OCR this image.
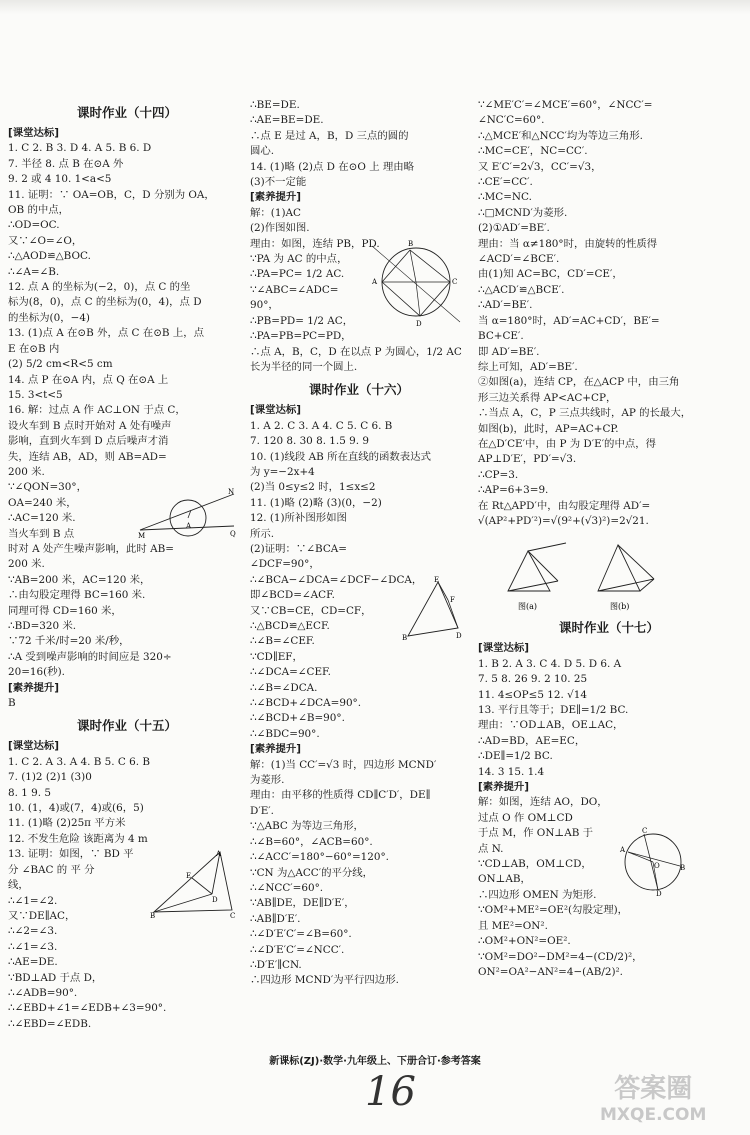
课时作业（十四）
[课堂达标]
1. C 2. B 3. D 4. A 5. B 6. D
7. 半径 8. 点 B 在⊙A 外
9. 2 或 4 10. 1<a<5
11. 证明：∵ OA=OB，C，D 分别为 OA，
OB 的中点，
∴OD=OC.
又∵∠O=∠O，
∴△AOD≌△BOC.
∴∠A=∠B.
12. 点 A 的坐标为(−2，0)，点 C 的坐
标为(8，0)，点 C 的坐标为(0，4)，点 D
的坐标为(0，−4)
13. (1)点 A 在⊙B 外，点 C 在⊙B 上，点
E 在⊙B 内
(2) 5/2 cm<R<5 cm
14. 点 P 在⊙A 内，点 Q 在⊙A 上
15. 3<t<5
16. 解：过点 A 作 AC⊥ON 于点 C，
设火车到 B 点时开始对 A 处有噪声
影响，直到火车到 D 点后噪声才消
失，连结 AB，AD，则 AB=AD=
200 米.
∵∠QON=30°，
OA=240 米，
∴AC=120 米.
当火车到 B 点
时对 A 处产生噪声影响，此时 AB=
200 米.
∵AB=200 米，AC=120 米，
∴由勾股定理得 BC=160 米.
同理可得 CD=160 米，
∴BD=320 米.
∵72 千米/时=20 米/秒，
∴A 受到噪声影响的时间应是 320÷
20=16(秒).
[素养提升]
B
课时作业（十五）
[课堂达标]
1. C 2. A 3. A 4. B 5. C 6. B
7. (1)2 (2)1 (3)0
8. 1 9. 5
10. (1，4)或(7，4)或(6，5)
11. (1)略 (2)25π 平方米
12. 不发生危险 该距离为 4 m
13. 证明：如图，∵ BD 平
分 ∠BAC 的 平 分
线，
∴∠1=∠2.
又∵DE∥AC，
∴∠2=∠3.
∴∠1=∠3.
∴AE=DE.
∵BD⊥AD 于点 D，
∴∠ADB=90°.
∴∠EBD+∠1=∠EDB+∠3=90°.
∴∠EBD=∠EDB.
∴BE=DE.
∴AE=BE=DE.
∴点 E 是过 A，B，D 三点的圆的
圆心.
14. (1)略 (2)点 D 在⊙O 上 理由略
(3)不一定能
[素养提升]
解：(1)AC
(2)作图如图.
理由：如图，连结 PB，PD.
∵PA 为 AC 的中点，
∴PA=PC= 1/2 AC.
∵∠ABC=∠ADC=
90°，
∴PB=PD= 1/2 AC，
∴PA=PB=PC=PD，
∴点 A，B，C，D 在以点 P 为圆心，1/2 AC
长为半径的同一个圆上.
课时作业（十六）
[课堂达标]
1. A 2. C 3. A 4. C 5. C 6. B
7. 120 8. 30 8. 1.5 9. 9
10. (1)线段 AB 所在直线的函数表达式
为 y=−2x+4
(2)当 0≤y≤2 时，1≤x≤2
11. (1)略 (2)略 (3)(0，−2)
12. (1)所补图形如图
所示.
(2)证明：∵∠BCA=
∠DCF=90°，
∴∠BCA−∠DCA=∠DCF−∠DCA，
即∠BCD=∠ACF.
又∵CB=CE，CD=CF，
∴△BCD≌△ECF.
∴∠B=∠CEF.
∵CD∥EF，
∴∠DCA=∠CEF.
∴∠B=∠DCA.
∴∠BCD+∠DCA=90°.
∴∠BCD+∠B=90°.
∴∠BDC=90°.
[素养提升]
解：(1)当 CC′=√3 时，四边形 MCND′
为菱形.
理由：由平移的性质得 CD∥C′D′，DE∥
D′E′.
∵△ABC 为等边三角形，
∴∠B=60°，∠ACB=60°.
∴∠ACC′=180°−60°=120°.
∵CN 为△ACC′的平分线，
∴∠NCC′=60°.
∵AB∥DE，DE∥D′E′，
∴AB∥D′E′.
∴∠D′E′C′=∠B=60°.
∴∠D′E′C′=∠NCC′.
∴D′E′∥CN.
∴四边形 MCND′为平行四边形.
∵∠ME′C′=∠MCE′=60°，∠NCC′=
∠NC′C=60°.
∴△MCE′和△NCC′均为等边三角形.
∴MC=CE′，NC=CC′.
又 E′C′=2√3，CC′=√3，
∴CE′=CC′.
∴MC=NC.
∴□MCND′为菱形.
(2)①AD′=BE′.
理由：当 α≠180°时，由旋转的性质得
∠ACD′=∠BCE′.
由(1)知 AC=BC，CD′=CE′，
∴△ACD′≌△BCE′.
∴AD′=BE′.
当 α=180°时，AD′=AC+CD′，BE′=
BC+CE′.
即 AD′=BE′.
综上可知，AD′=BE′.
②如图(a)，连结 CP，在△ACP 中，由三角
形三边关系得 AP<AC+CP，
∴当点 A，C，P 三点共线时，AP 的长最大，
如图(b)，此时，AP=AC+CP.
在△D′CE′中，由 P 为 D′E′的中点，得
AP⊥D′E′，PD′=√3.
∴CP=3.
∴AP=6+3=9.
在 Rt△APD′中，由勾股定理得 AD′=
√(AP²+PD′²)=√(9²+(√3)²)=2√21.
图(a)	图(b)
课时作业（十七）
[课堂达标]
1. B 2. A 3. C 4. D 5. D 6. A
7. 5 8. 26 9. 2 10. 25
11. 4≤OP≤5 12. √14
13. 平行且等于；DE∥=1/2 BC.
理由：∵OD⊥AB，OE⊥AC，
∴AD=BD，AE=EC，
∴DE∥=1/2 BC.
14. 3 15. 1.4
[素养提升]
解：如图，连结 AO，DO，
过点 O 作 OM⊥CD
于点 M，作 ON⊥AB 于
点 N.
∵CD⊥AB，OM⊥CD，
ON⊥AB，
∴四边形 OMEN 为矩形.
∵OM²+ME²=OE²(勾股定理)，
且 ME²=ON².
∴OM²+ON²=OE².
∵OM²=DO²−DM²=4−(CD/2)²，
ON²=OA²−AN²=4−(AB/2)².
M
N
Q
A
A
B	C
E
D
A
B
C
D
E
F
B	D
A
C
D
B
O
新课标(ZJ)·数学·九年级上、下册合订·参考答案
16	答案圈
MXQE.COM
